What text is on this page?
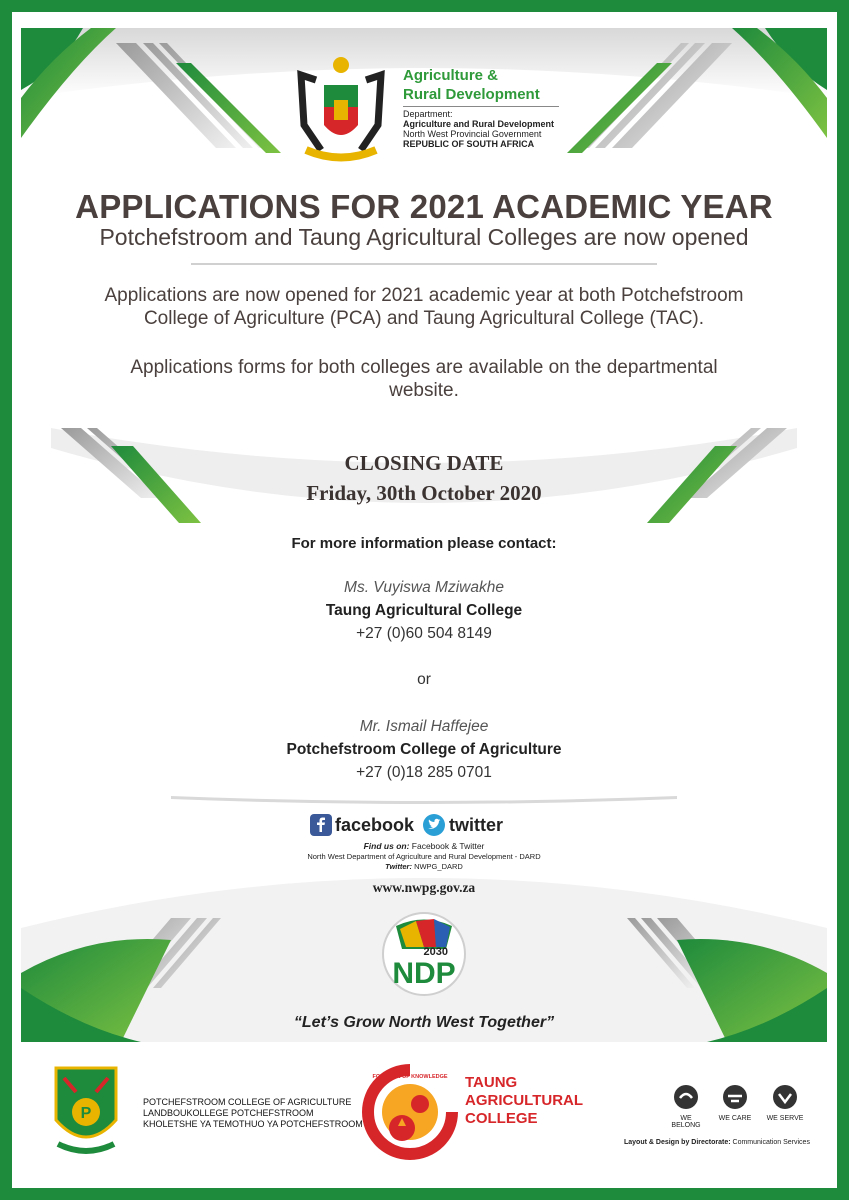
Agriculture &
Rural Development
Department:
Agriculture and Rural Development
North West Provincial Government
REPUBLIC OF SOUTH AFRICA
APPLICATIONS FOR 2021 ACADEMIC YEAR
Potchefstroom and Taung Agricultural Colleges are now opened
Applications are now opened for 2021 academic year at both Potchefstroom
College of Agriculture (PCA) and Taung Agricultural College (TAC).
Applications forms for both colleges are available on the departmental
website.
CLOSING DATE
Friday, 30th October 2020
For more information please contact:
Ms. Vuyiswa Mziwakhe
Taung Agricultural College
+27 (0)60 504 8149
or
Mr. Ismail Haffejee
Potchefstroom College of Agriculture
+27 (0)18 285 0701
facebook twitter
Find us on: Facebook & Twitter
North West Department of Agriculture and Rural Development - DARD
Twitter: NWPG_DARD
www.nwpg.gov.za
2030
NDP
“Let’s Grow North West Together”
P
POTCHEFSTROOM COLLEGE OF AGRICULTURE
LANDBOUKOLLEGE POTCHEFSTROOM
KHOLETSHE YA TEMOTHUO YA POTCHEFSTROOM
FOUNTAIN OF KNOWLEDGE TAUNG
AGRICULTURAL
COLLEGE	WE BELONG
WE CARE	WE SERVE
Layout & Design by Directorate: Communication Services
